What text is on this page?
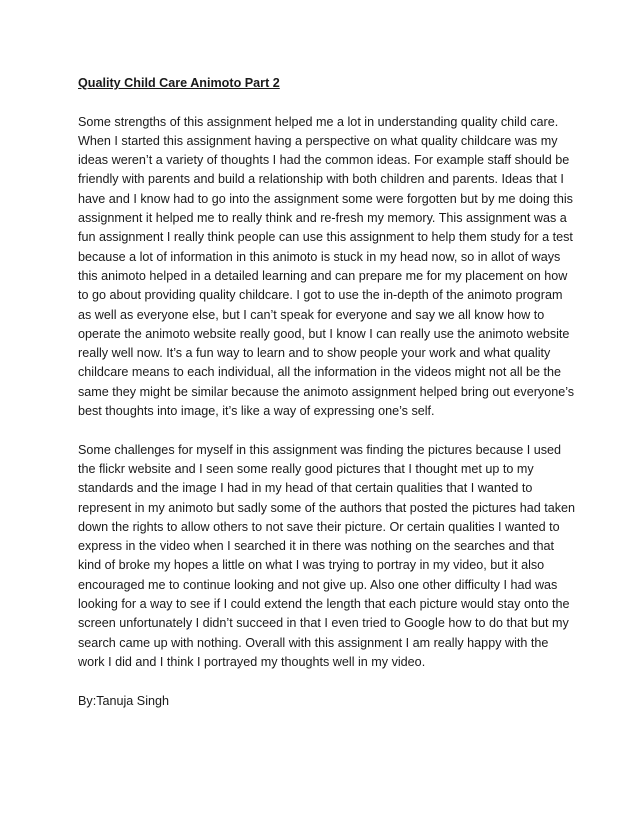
Quality Child Care Animoto Part 2

Some strengths of this assignment helped me a lot in understanding quality child care. When I started this assignment having a perspective on what quality childcare was my ideas weren’t a variety of thoughts I had the common ideas. For example staff should be friendly with parents and build a relationship with both children and parents. Ideas that I have and I know had to go into the assignment some were forgotten but by me doing this assignment it helped me to really think and re-fresh my memory. This assignment was a fun assignment I really think people can use this assignment to help them study for a test because a lot of information in this animoto is stuck in my head now, so in allot of ways this animoto helped in a detailed learning and can prepare me for my placement on how to go about providing quality childcare. I got to use the in-depth of the animoto program as well as everyone else, but I can’t speak for everyone and say we all know how to operate the animoto website really good, but I know I can really use the animoto website really well now. It’s a fun way to learn and to show people your work and what quality childcare means to each individual, all the information in the videos might not all be the same they might be similar because the animoto assignment helped bring out everyone’s best thoughts into image, it’s like a way of expressing one’s self.

Some challenges for myself in this assignment was finding the pictures because I used the flickr website and I seen some really good pictures that I thought met up to my standards and the image I had in my head of that certain qualities that I wanted to represent in my animoto but sadly some of the authors that posted the pictures had taken down the rights to allow others to not save their picture. Or certain qualities I wanted to express in the video when I searched it in there was nothing on the searches and that kind of broke my hopes a little on what I was trying to portray in my video, but it also encouraged me to continue looking and not give up. Also one other difficulty I had was looking for a way to see if I could extend the length that each picture would stay onto the screen unfortunately I didn’t succeed in that I even tried to Google how to do that but my search came up with nothing. Overall with this assignment I am really happy with the work I did and I think I portrayed my thoughts well in my video.

By:Tanuja Singh
